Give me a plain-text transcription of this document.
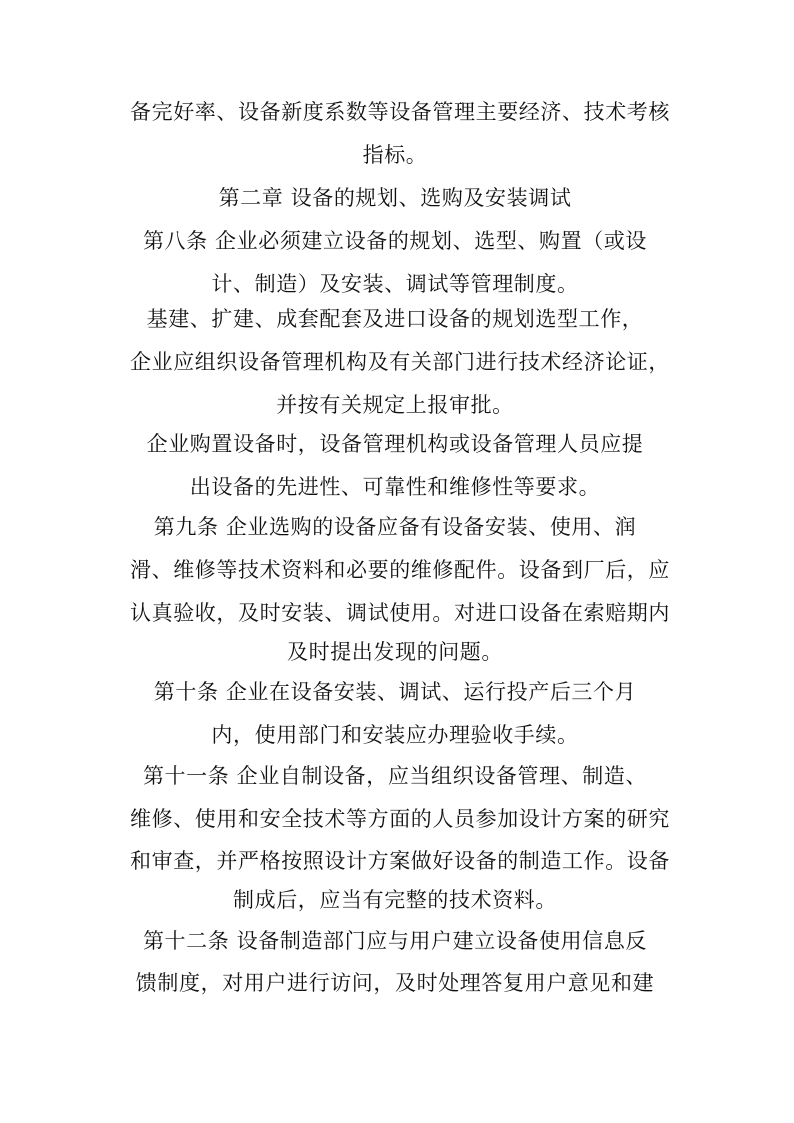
备完好率、设备新度系数等设备管理主要经济、技术考核
指标。
第二章 设备的规划、选购及安装调试
第八条 企业必须建立设备的规划、选型、购置（或设
计、制造）及安装、调试等管理制度。
基建、扩建、成套配套及进口设备的规划选型工作，
企业应组织设备管理机构及有关部门进行技术经济论证，
并按有关规定上报审批。
企业购置设备时，设备管理机构或设备管理人员应提
出设备的先进性、可靠性和维修性等要求。
第九条 企业选购的设备应备有设备安装、使用、润
滑、维修等技术资料和必要的维修配件。设备到厂后，应
认真验收，及时安装、调试使用。对进口设备在索赔期内
及时提出发现的问题。
第十条 企业在设备安装、调试、运行投产后三个月
内，使用部门和安装应办理验收手续。
第十一条 企业自制设备，应当组织设备管理、制造、
维修、使用和安全技术等方面的人员参加设计方案的研究
和审查，并严格按照设计方案做好设备的制造工作。设备
制成后，应当有完整的技术资料。
第十二条 设备制造部门应与用户建立设备使用信息反
馈制度，对用户进行访问，及时处理答复用户意见和建
